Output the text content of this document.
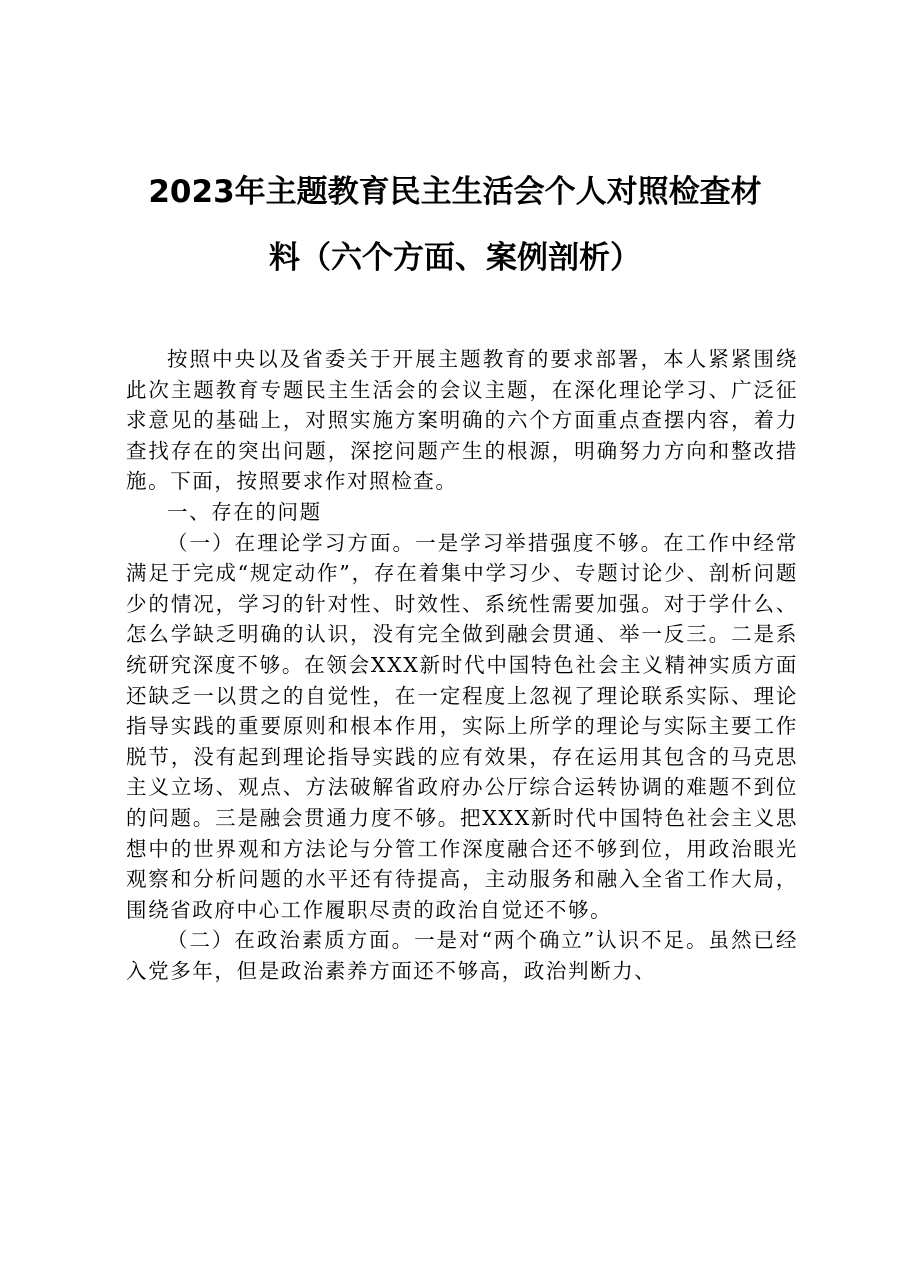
2023年主题教育民主生活会个人对照检查材
料（六个方面、案例剖析）

按照中央以及省委关于开展主题教育的要求部署，本人紧紧围绕此次主题教育专题民主生活会的会议主题，在深化理论学习、广泛征求意见的基础上，对照实施方案明确的六个方面重点查摆内容，着力查找存在的突出问题，深挖问题产生的根源，明确努力方向和整改措施。下面，按照要求作对照检查。

一、存在的问题

（一）在理论学习方面。一是学习举措强度不够。在工作中经常满足于完成“规定动作”，存在着集中学习少、专题讨论少、剖析问题少的情况，学习的针对性、时效性、系统性需要加强。对于学什么、怎么学缺乏明确的认识，没有完全做到融会贯通、举一反三。二是系统研究深度不够。在领会XXX新时代中国特色社会主义精神实质方面还缺乏一以贯之的自觉性，在一定程度上忽视了理论联系实际、理论指导实践的重要原则和根本作用，实际上所学的理论与实际主要工作脱节，没有起到理论指导实践的应有效果，存在运用其包含的马克思主义立场、观点、方法破解省政府办公厅综合运转协调的难题不到位的问题。三是融会贯通力度不够。把XXX新时代中国特色社会主义思想中的世界观和方法论与分管工作深度融合还不够到位，用政治眼光观察和分析问题的水平还有待提高，主动服务和融入全省工作大局，围绕省政府中心工作履职尽责的政治自觉还不够。

（二）在政治素质方面。一是对“两个确立”认识不足。虽然已经入党多年，但是政治素养方面还不够高，政治判断力、
